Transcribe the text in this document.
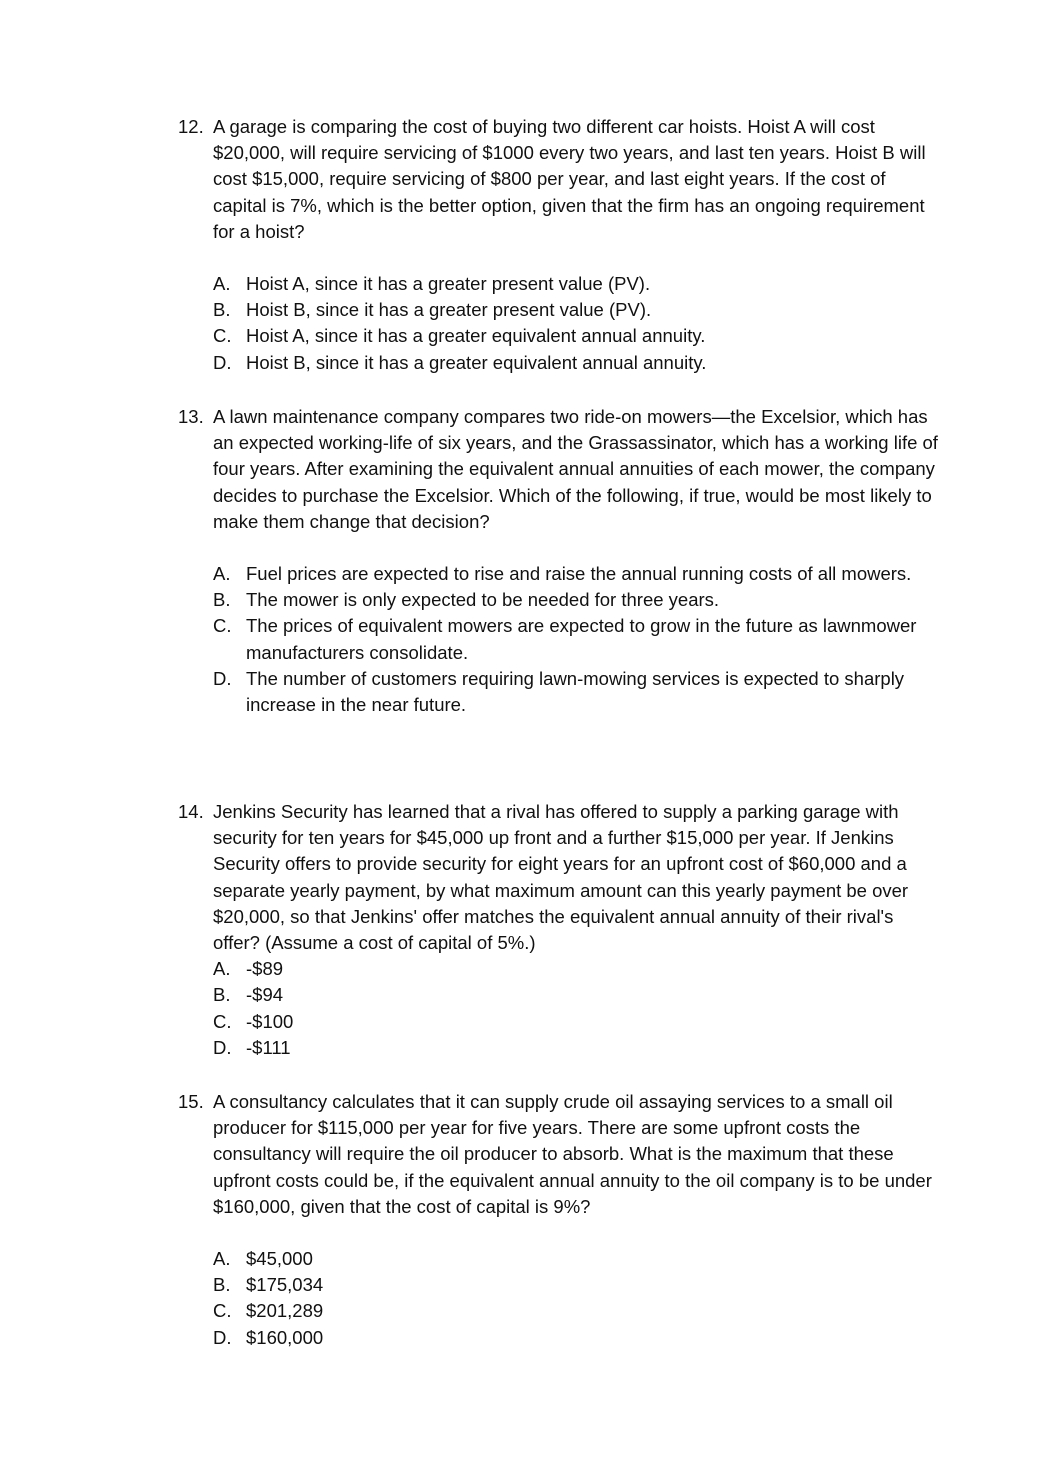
12. A garage is comparing the cost of buying two different car hoists. Hoist A will cost $20,000, will require servicing of $1000 every two years, and last ten years. Hoist B will cost $15,000, require servicing of $800 per year, and last eight years. If the cost of capital is 7%, which is the better option, given that the firm has an ongoing requirement for a hoist?
A. Hoist A, since it has a greater present value (PV).
B. Hoist B, since it has a greater present value (PV).
C. Hoist A, since it has a greater equivalent annual annuity.
D. Hoist B, since it has a greater equivalent annual annuity.
13. A lawn maintenance company compares two ride-on mowers—the Excelsior, which has an expected working-life of six years, and the Grassassinator, which has a working life of four years. After examining the equivalent annual annuities of each mower, the company decides to purchase the Excelsior. Which of the following, if true, would be most likely to make them change that decision?
A. Fuel prices are expected to rise and raise the annual running costs of all mowers.
B. The mower is only expected to be needed for three years.
C. The prices of equivalent mowers are expected to grow in the future as lawnmower manufacturers consolidate.
D. The number of customers requiring lawn-mowing services is expected to sharply increase in the near future.
14. Jenkins Security has learned that a rival has offered to supply a parking garage with security for ten years for $45,000 up front and a further $15,000 per year. If Jenkins Security offers to provide security for eight years for an upfront cost of $60,000 and a separate yearly payment, by what maximum amount can this yearly payment be over $20,000, so that Jenkins' offer matches the equivalent annual annuity of their rival's offer? (Assume a cost of capital of 5%.)
A. -$89
B. -$94
C. -$100
D. -$111
15. A consultancy calculates that it can supply crude oil assaying services to a small oil producer for $115,000 per year for five years. There are some upfront costs the consultancy will require the oil producer to absorb. What is the maximum that these upfront costs could be, if the equivalent annual annuity to the oil company is to be under $160,000, given that the cost of capital is 9%?
A. $45,000
B. $175,034
C. $201,289
D. $160,000
